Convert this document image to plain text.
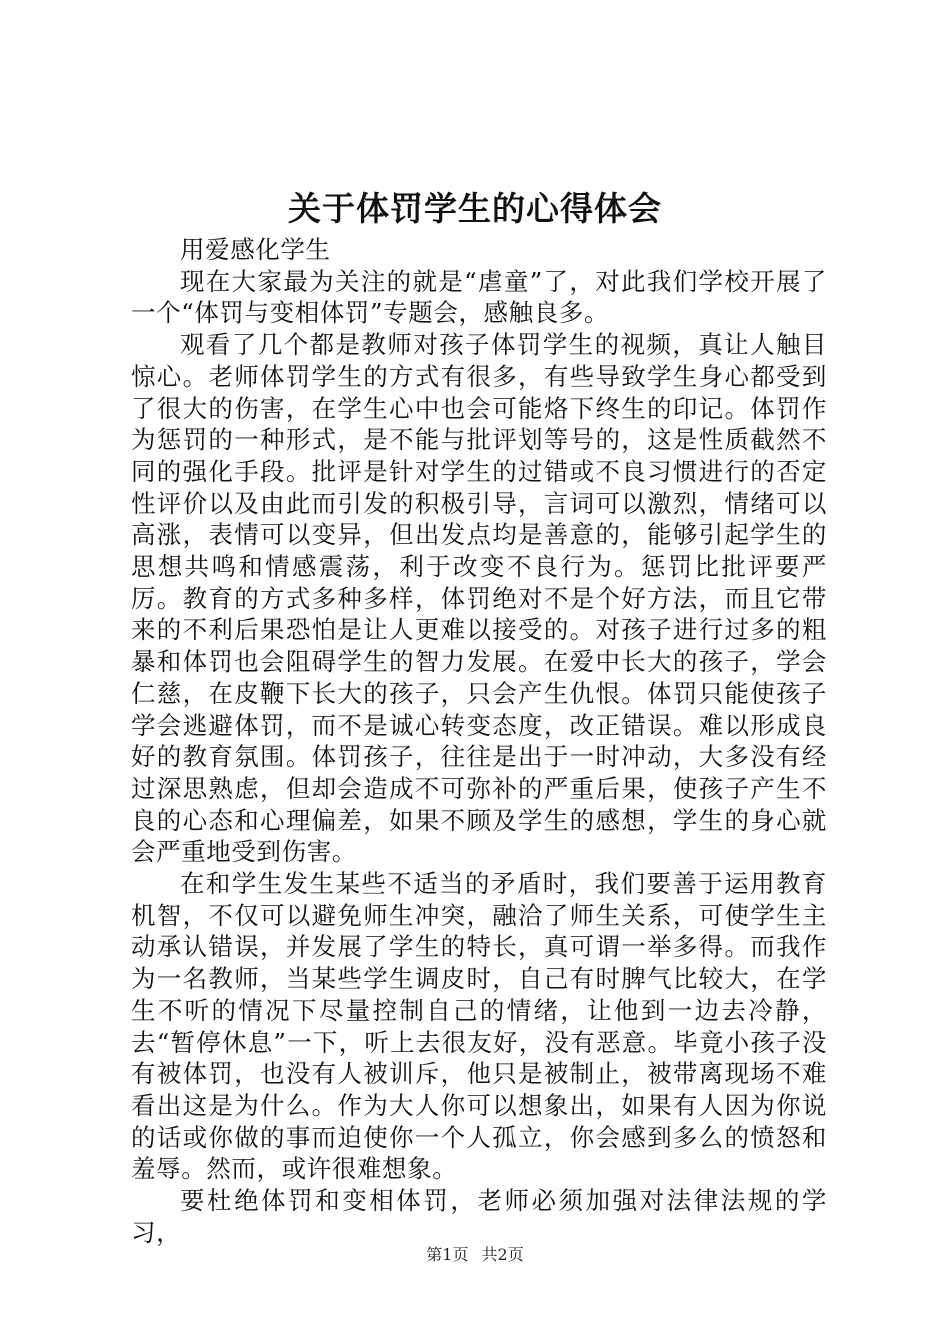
关于体罚学生的心得体会

用爱感化学生

现在大家最为关注的就是“虐童”了，对此我们学校开展了一个“体罚与变相体罚”专题会，感触良多。

观看了几个都是教师对孩子体罚学生的视频，真让人触目惊心。老师体罚学生的方式有很多，有些导致学生身心都受到了很大的伤害，在学生心中也会可能烙下终生的印记。体罚作为惩罚的一种形式，是不能与批评划等号的，这是性质截然不同的强化手段。批评是针对学生的过错或不良习惯进行的否定性评价以及由此而引发的积极引导，言词可以激烈，情绪可以高涨，表情可以变异，但出发点均是善意的，能够引起学生的思想共鸣和情感震荡，利于改变不良行为。惩罚比批评要严厉。教育的方式多种多样，体罚绝对不是个好方法，而且它带来的不利后果恐怕是让人更难以接受的。对孩子进行过多的粗暴和体罚也会阻碍学生的智力发展。在爱中长大的孩子，学会仁慈，在皮鞭下长大的孩子，只会产生仇恨。体罚只能使孩子学会逃避体罚，而不是诚心转变态度，改正错误。难以形成良好的教育氛围。体罚孩子，往往是出于一时冲动，大多没有经过深思熟虑，但却会造成不可弥补的严重后果，使孩子产生不良的心态和心理偏差，如果不顾及学生的感想，学生的身心就会严重地受到伤害。

在和学生发生某些不适当的矛盾时，我们要善于运用教育机智，不仅可以避免师生冲突，融洽了师生关系，可使学生主动承认错误，并发展了学生的特长，真可谓一举多得。而我作为一名教师，当某些学生调皮时，自己有时脾气比较大，在学生不听的情况下尽量控制自己的情绪，让他到一边去冷静，去“暂停休息”一下，听上去很友好，没有恶意。毕竟小孩子没有被体罚，也没有人被训斥，他只是被制止，被带离现场不难看出这是为什么。作为大人你可以想象出，如果有人因为你说的话或你做的事而迫使你一个人孤立，你会感到多么的愤怒和羞辱。然而，或许很难想象。

要杜绝体罚和变相体罚，老师必须加强对法律法规的学习，

第1页 共2页
